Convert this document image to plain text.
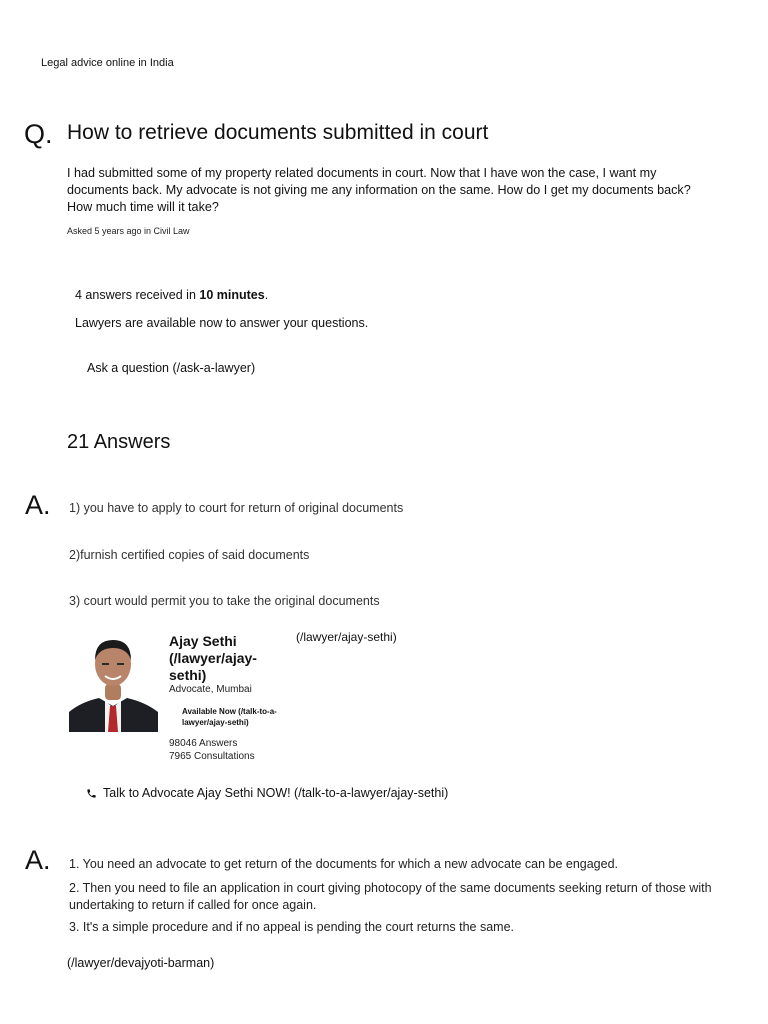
Legal advice online in India
Q. How to retrieve documents submitted in court

I had submitted some of my property related documents in court. Now that I have won the case, I want my documents back. My advocate is not giving me any information on the same. How do I get my documents back? How much time will it take?

Asked 5 years ago in Civil Law
4 answers received in 10 minutes.
Lawyers are available now to answer your questions.
Ask a question (/ask-a-lawyer)
21 Answers
A. 1) you have to apply to court for return of original documents

2)furnish certified copies of said documents

3) court would permit you to take the original documents

Ajay Sethi (/lawyer/ajay-sethi)
(/lawyer/ajay-sethi)
Advocate, Mumbai
Available Now (/talk-to-a-lawyer/ajay-sethi)
98046 Answers
7965 Consultations
Talk to Advocate Ajay Sethi NOW! (/talk-to-a-lawyer/ajay-sethi)
A. 1. You need an advocate to get return of the documents for which a new advocate can be engaged.

2. Then you need to file an application in court giving photocopy of the same documents seeking return of those with undertaking to return if called for once again.

3. It's a simple procedure and if no appeal is pending the court returns the same.

(/lawyer/devajyoti-barman)
